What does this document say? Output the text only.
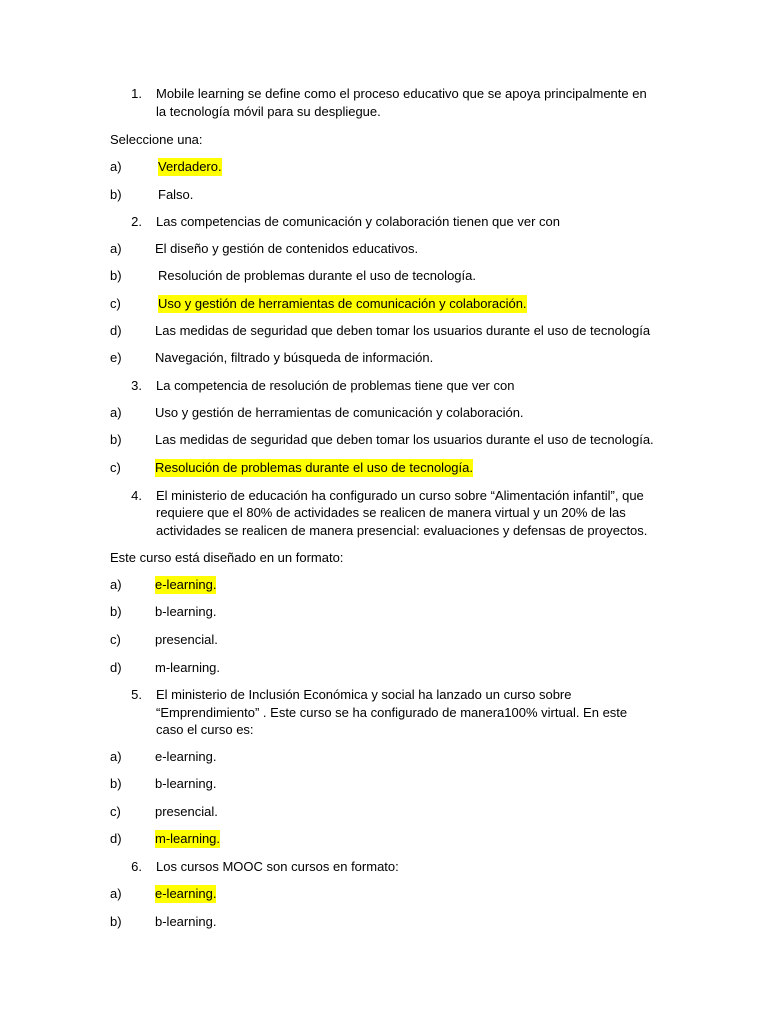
1. Mobile learning se define como el proceso educativo que se apoya principalmente en
la tecnología móvil para su despliegue.
Seleccione una:
a)	Verdadero.
b)	Falso.
2. Las competencias de comunicación y colaboración tienen que ver con
a)	El diseño y gestión de contenidos educativos.
b)	Resolución de problemas durante el uso de tecnología.
c)	Uso y gestión de herramientas de comunicación y colaboración.
d)	Las medidas de seguridad que deben tomar los usuarios durante el uso de tecnología
e)	Navegación, filtrado y búsqueda de información.
3. La competencia de resolución de problemas tiene que ver con
a)	Uso y gestión de herramientas de comunicación y colaboración.
b)	Las medidas de seguridad que deben tomar los usuarios durante el uso de tecnología.
c)	Resolución de problemas durante el uso de tecnología.
4. El ministerio de educación ha configurado un curso sobre “Alimentación infantil”, que
requiere que el 80% de actividades se realicen de manera virtual y un 20% de las
actividades se realicen de manera presencial: evaluaciones y defensas de proyectos.
Este curso está diseñado en un formato:
a)	e-learning.
b)	b-learning.
c)	presencial.
d)	m-learning.
5. El ministerio de Inclusión Económica y social ha lanzado un curso sobre
“Emprendimiento” . Este curso se ha configurado de manera100% virtual. En este
caso el curso es:
a)	e-learning.
b)	b-learning.
c)	presencial.
d)	m-learning.
6. Los cursos MOOC son cursos en formato:
a)	e-learning.
b)	b-learning.
